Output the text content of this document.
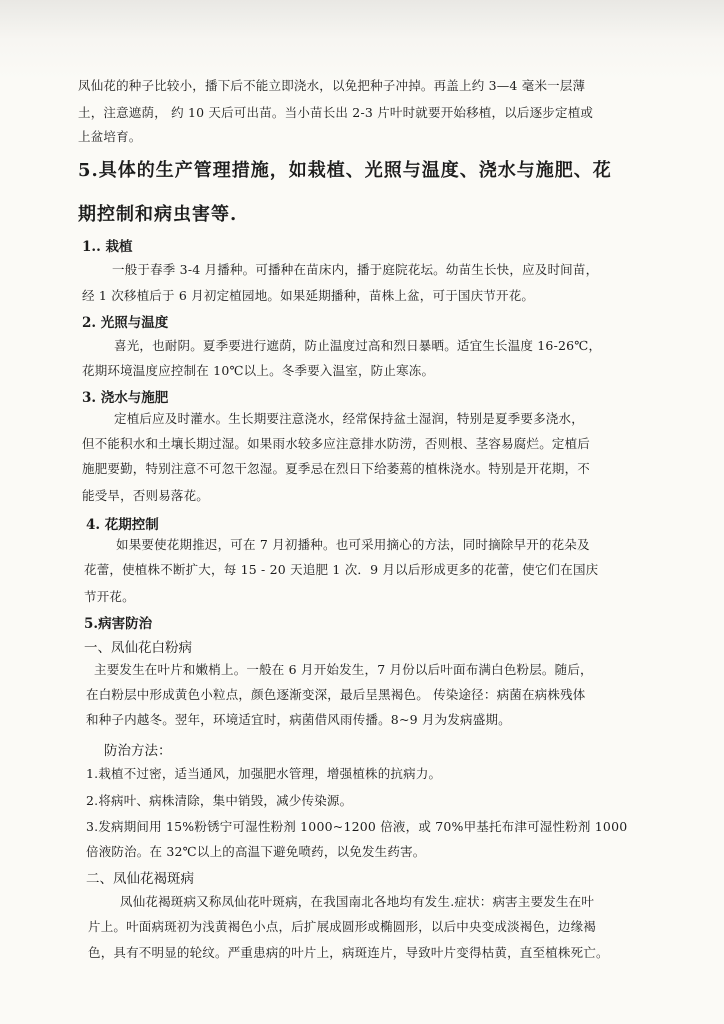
凤仙花的种子比较小，播下后不能立即浇水，以免把种子冲掉。再盖上约 3—4 毫米一层薄
土，注意遮荫， 约 10 天后可出苗。当小苗长出 2-3 片叶时就要开始移植，以后逐步定植或
上盆培育。
5.具体的生产管理措施，如栽植、光照与温度、浇水与施肥、花
期控制和病虫害等.
1.. 栽植
一般于春季 3-4 月播种。可播种在苗床内，播于庭院花坛。幼苗生长快，应及时间苗，
经 1 次移植后于 6 月初定植园地。如果延期播种，苗株上盆，可于国庆节开花。
2. 光照与温度
喜光，也耐阴。夏季要进行遮荫，防止温度过高和烈日暴晒。适宜生长温度 16-26℃，
花期环境温度应控制在 10℃以上。冬季要入温室，防止寒冻。
3. 浇水与施肥
定植后应及时灌水。生长期要注意浇水，经常保持盆土湿润，特别是夏季要多浇水，
但不能积水和土壤长期过湿。如果雨水较多应注意排水防涝，否则根、茎容易腐烂。定植后
施肥要勤，特别注意不可忽干忽湿。夏季忌在烈日下给萎蔫的植株浇水。特别是开花期，不
能受旱，否则易落花。
4. 花期控制
如果要使花期推迟，可在 7 月初播种。也可采用摘心的方法，同时摘除早开的花朵及
花蕾，使植株不断扩大，每 15 - 20 天追肥 1 次．9 月以后形成更多的花蕾，使它们在国庆
节开花。
5.病害防治
一、凤仙花白粉病
主要发生在叶片和嫩梢上。一般在 6 月开始发生，7 月份以后叶面布满白色粉层。随后，
在白粉层中形成黄色小粒点，颜色逐渐变深，最后呈黑褐色。 传染途径：病菌在病株残体
和种子内越冬。翌年，环境适宜时，病菌借风雨传播。8~9 月为发病盛期。
防治方法：
1.栽植不过密，适当通风，加强肥水管理，增强植株的抗病力。
2.将病叶、病株清除，集中销毁，减少传染源。
3.发病期间用 15%粉锈宁可湿性粉剂 1000~1200 倍液，或 70%甲基托布津可湿性粉剂 1000
倍液防治。在 32℃以上的高温下避免喷药，以免发生药害。
二、凤仙花褐斑病
凤仙花褐斑病又称凤仙花叶斑病，在我国南北各地均有发生.症状：病害主要发生在叶
片上。叶面病斑初为浅黄褐色小点，后扩展成圆形或椭圆形，以后中央变成淡褐色，边缘褐
色，具有不明显的轮纹。严重患病的叶片上，病斑连片，导致叶片变得枯黄，直至植株死亡。
